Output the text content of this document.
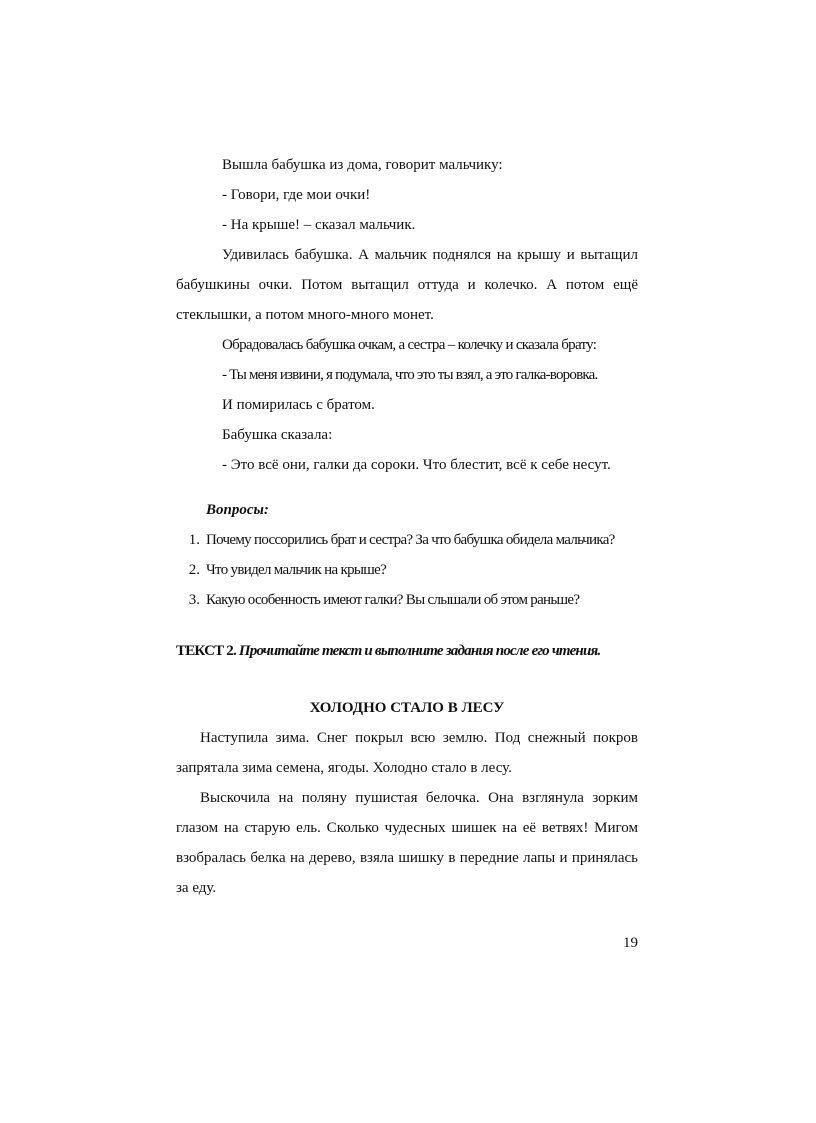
Вышла бабушка из дома, говорит мальчику:

- Говори, где мои очки!

- На крыше! – сказал мальчик.

Удивилась бабушка. А мальчик поднялся на крышу и вытащил бабушкины очки. Потом вытащил оттуда и колечко. А потом ещё стеклышки, а потом много-много монет.

Обрадовалась бабушка очкам, а сестра – колечку и сказала брату:

- Ты меня извини, я подумала, что это ты взял, а это галка-воровка.

И помирилась с братом.

Бабушка сказала:

- Это всё они, галки да сороки. Что блестит, всё к себе несут.

Вопросы:

1. Почему поссорились брат и сестра? За что бабушка обидела мальчика?
2. Что увидел мальчик на крыше?
3. Какую особенность имеют галки? Вы слышали об этом раньше?
ТЕКСТ 2. Прочитайте текст и выполните задания после его чтения.

ХОЛОДНО СТАЛО В ЛЕСУ

Наступила зима. Снег покрыл всю землю. Под снежный покров запрятала зима семена, ягоды. Холодно стало в лесу.

Выскочила на поляну пушистая белочка. Она взглянула зорким глазом на старую ель. Сколько чудесных шишек на её ветвях! Мигом взобралась белка на дерево, взяла шишку в передние лапы и принялась за еду.

19
